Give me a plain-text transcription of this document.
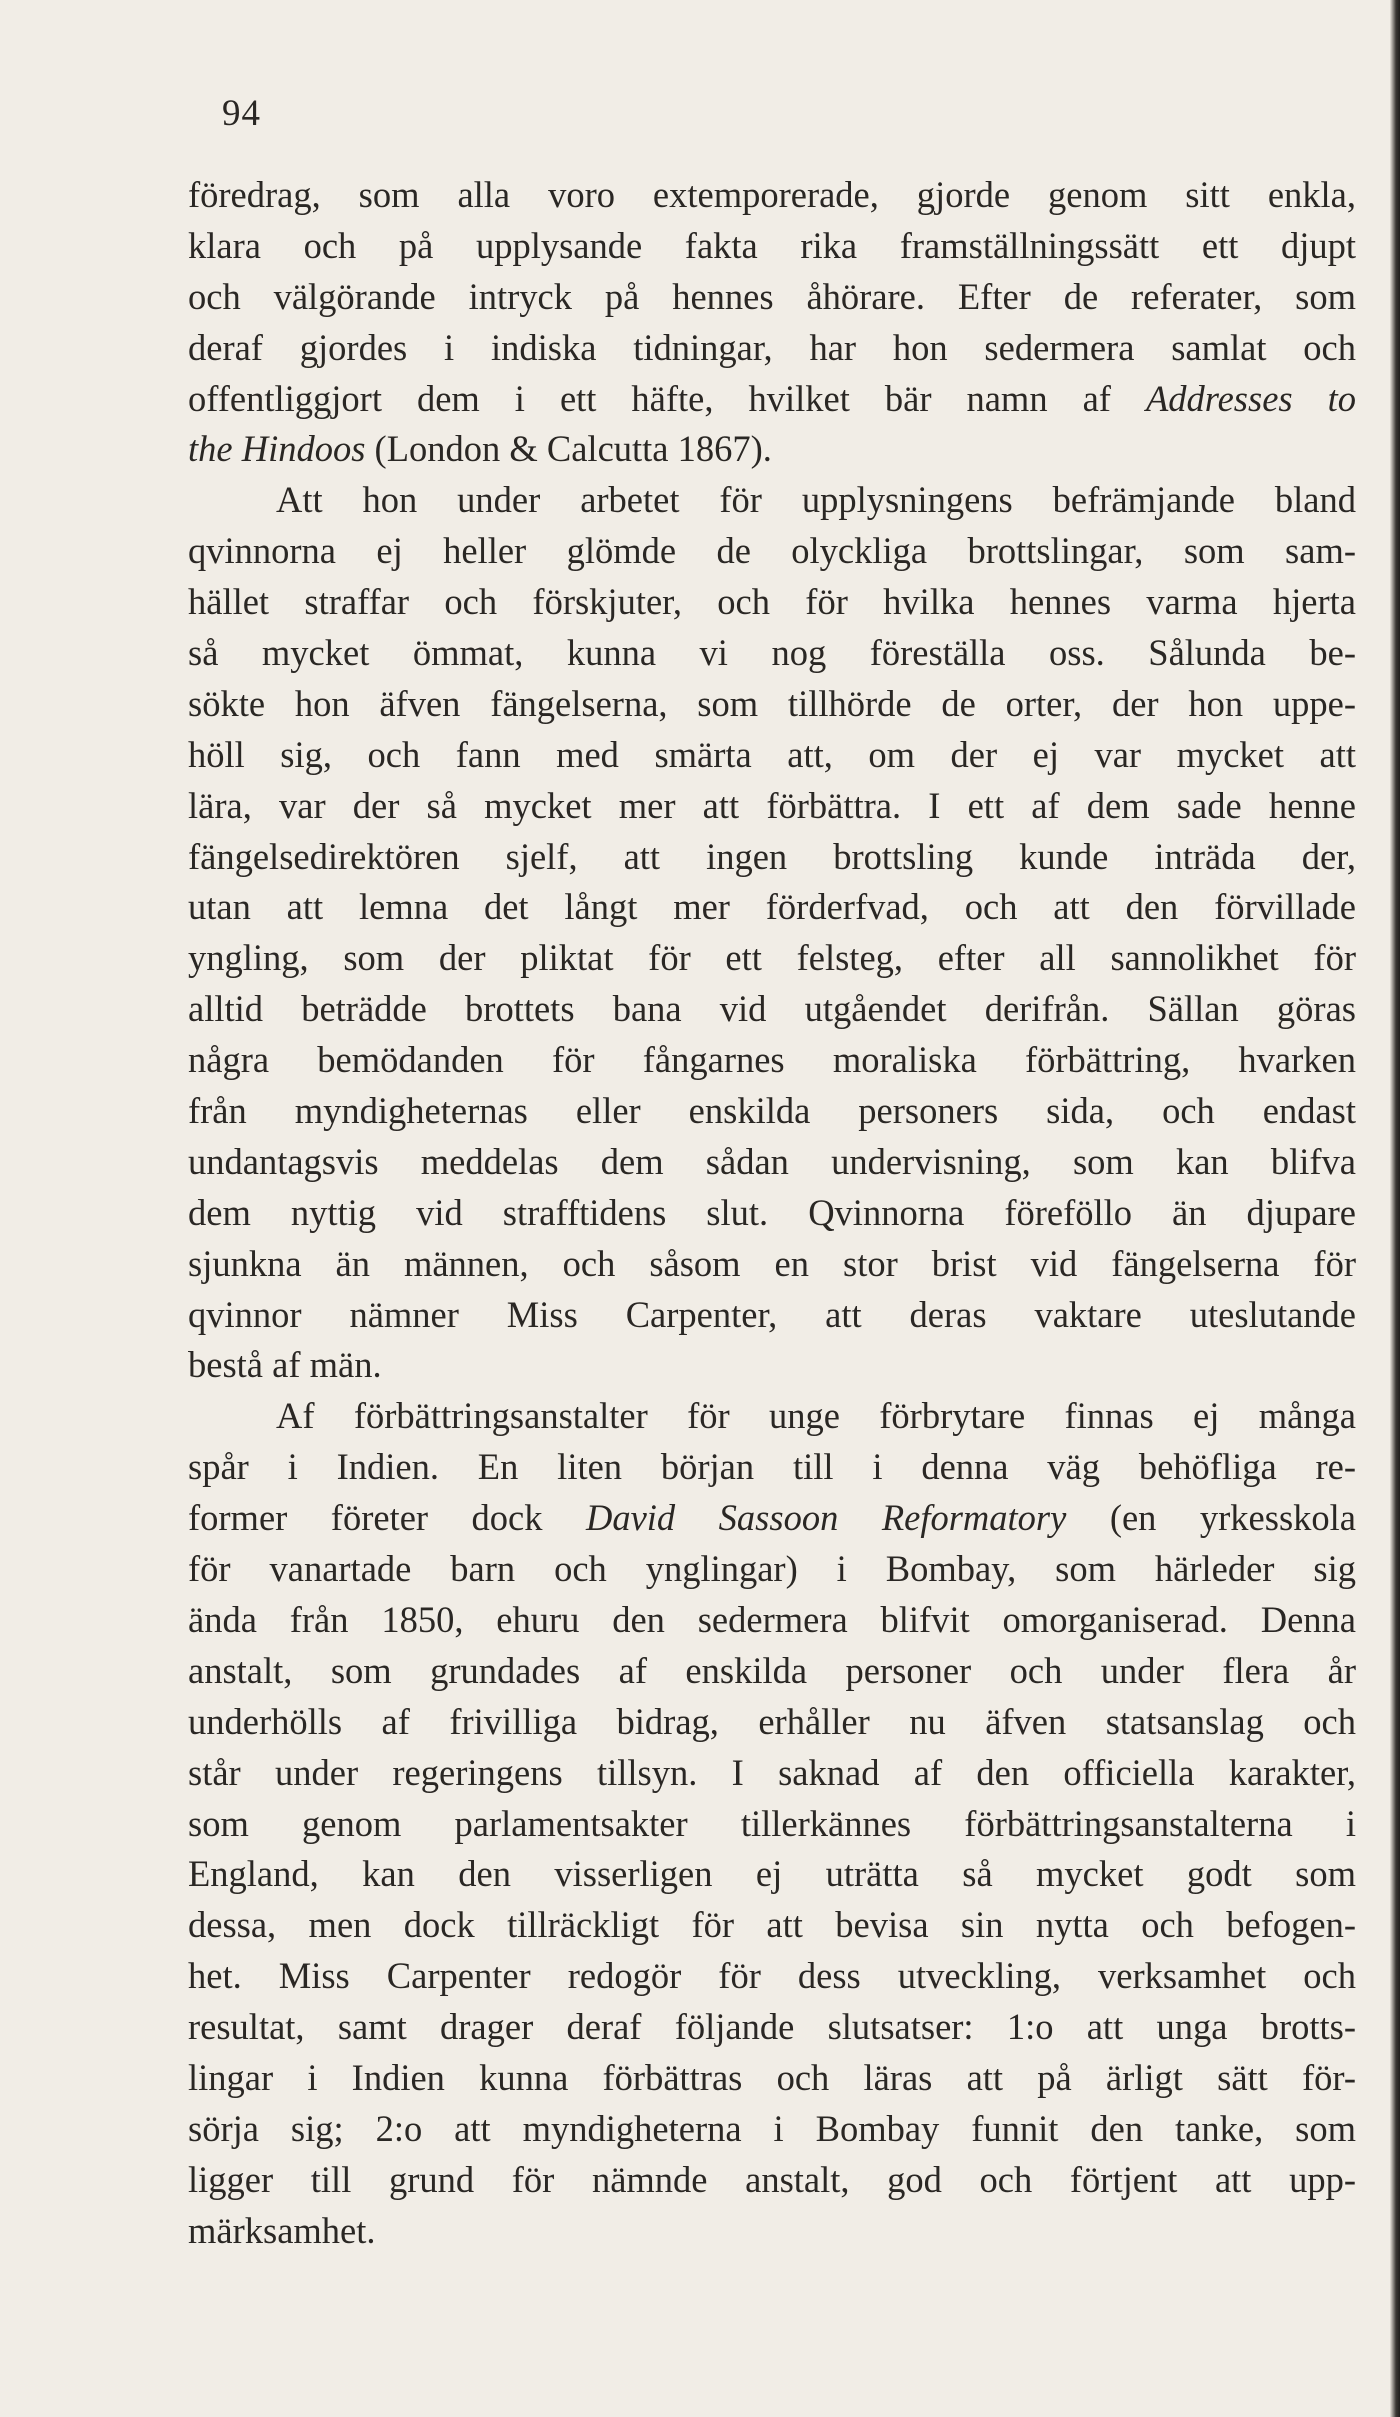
94
föredrag, som alla voro extemporerade, gjorde genom sitt enkla,
klara och på upplysande fakta rika framställningssätt ett djupt
och välgörande intryck på hennes åhörare. Efter de referater, som
deraf gjordes i indiska tidningar, har hon sedermera samlat och
offentliggjort dem i ett häfte, hvilket bär namn af Addresses to
the Hindoos (London & Calcutta 1867).
Att hon under arbetet för upplysningens befrämjande bland
qvinnorna ej heller glömde de olyckliga brottslingar, som sam-
hället straffar och förskjuter, och för hvilka hennes varma hjerta
så mycket ömmat, kunna vi nog föreställa oss. Sålunda be-
sökte hon äfven fängelserna, som tillhörde de orter, der hon uppe-
höll sig, och fann med smärta att, om der ej var mycket att
lära, var der så mycket mer att förbättra. I ett af dem sade henne
fängelsedirektören sjelf, att ingen brottsling kunde inträda der,
utan att lemna det långt mer förderfvad, och att den förvillade
yngling, som der pliktat för ett felsteg, efter all sannolikhet för
alltid beträdde brottets bana vid utgåendet derifrån. Sällan göras
några bemödanden för fångarnes moraliska förbättring, hvarken
från myndigheternas eller enskilda personers sida, och endast
undantagsvis meddelas dem sådan undervisning, som kan blifva
dem nyttig vid strafftidens slut. Qvinnorna föreföllo än djupare
sjunkna än männen, och såsom en stor brist vid fängelserna för
qvinnor nämner Miss Carpenter, att deras vaktare uteslutande
bestå af män.
Af förbättringsanstalter för unge förbrytare finnas ej många
spår i Indien. En liten början till i denna väg behöfliga re-
former företer dock David Sassoon Reformatory (en yrkesskola
för vanartade barn och ynglingar) i Bombay, som härleder sig
ända från 1850, ehuru den sedermera blifvit omorganiserad. Denna
anstalt, som grundades af enskilda personer och under flera år
underhölls af frivilliga bidrag, erhåller nu äfven statsanslag och
står under regeringens tillsyn. I saknad af den officiella karakter,
som genom parlamentsakter tillerkännes förbättringsanstalterna i
England, kan den visserligen ej uträtta så mycket godt som
dessa, men dock tillräckligt för att bevisa sin nytta och befogen-
het. Miss Carpenter redogör för dess utveckling, verksamhet och
resultat, samt drager deraf följande slutsatser: 1:o att unga brotts-
lingar i Indien kunna förbättras och läras att på ärligt sätt för-
sörja sig; 2:o att myndigheterna i Bombay funnit den tanke, som
ligger till grund för nämnde anstalt, god och förtjent att upp-
märksamhet.
